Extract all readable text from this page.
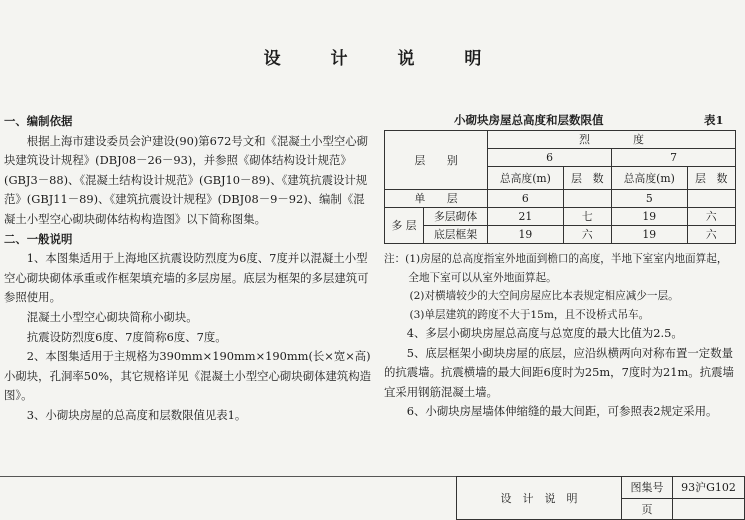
设 计 说 明

一、编制依据

根据上海市建设委员会沪建设(90)第672号文和《混凝土小型空心砌块建筑设计规程》(DBJ08－26－93)，并参照《砌体结构设计规范》(GBJ3－88)、《混凝土结构设计规范》(GBJ10－89)、《建筑抗震设计规范》(GBJ11－89)、《建筑抗震设计规程》(DBJ08－9－92)、编制《混凝土小型空心砌块砌体结构构造图》以下简称图集。

二、一般说明

1、本图集适用于上海地区抗震设防烈度为6度、7度并以混凝土小型空心砌块砌体承重或作框架填充墙的多层房屋。底层为框架的多层建筑可参照使用。

混凝土小型空心砌块简称小砌块。

抗震设防烈度6度、7度简称6度、7度。

2、本图集适用于主规格为390mm×190mm×190mm(长×宽×高)小砌块，孔洞率50%，其它规格详见《混凝土小型空心砌块砌体建筑构造图》。

3、小砌块房屋的总高度和层数限值见表1。

小砌块房屋总高度和层数限值	表1
层　　别		烈　　　　度			
		6		7	
		总高度(m)	层　数	总高度(m)	层　数
单　　层		6		5	
多 层	多层砌体	21	七	19	六
	底层框架	19	六	19	六

注：(1)房屋的总高度指室外地面到檐口的高度，半地下室室内地面算起，全地下室可以从室外地面算起。

(2)对横墙较少的大空间房屋应比本表规定相应减少一层。

(3)单层建筑的跨度不大于15m，且不设桥式吊车。

4、多层小砌块房屋总高度与总宽度的最大比值为2.5。

5、底层框架小砌块房屋的底层，应沿纵横两向对称布置一定数量的抗震墙。抗震横墙的最大间距6度时为25m，7度时为21m。抗震墙宜采用钢筋混凝土墙。

6、小砌块房屋墙体伸缩缝的最大间距，可参照表2规定采用。

设　计　说　明	图集号	93沪G102
	页	
